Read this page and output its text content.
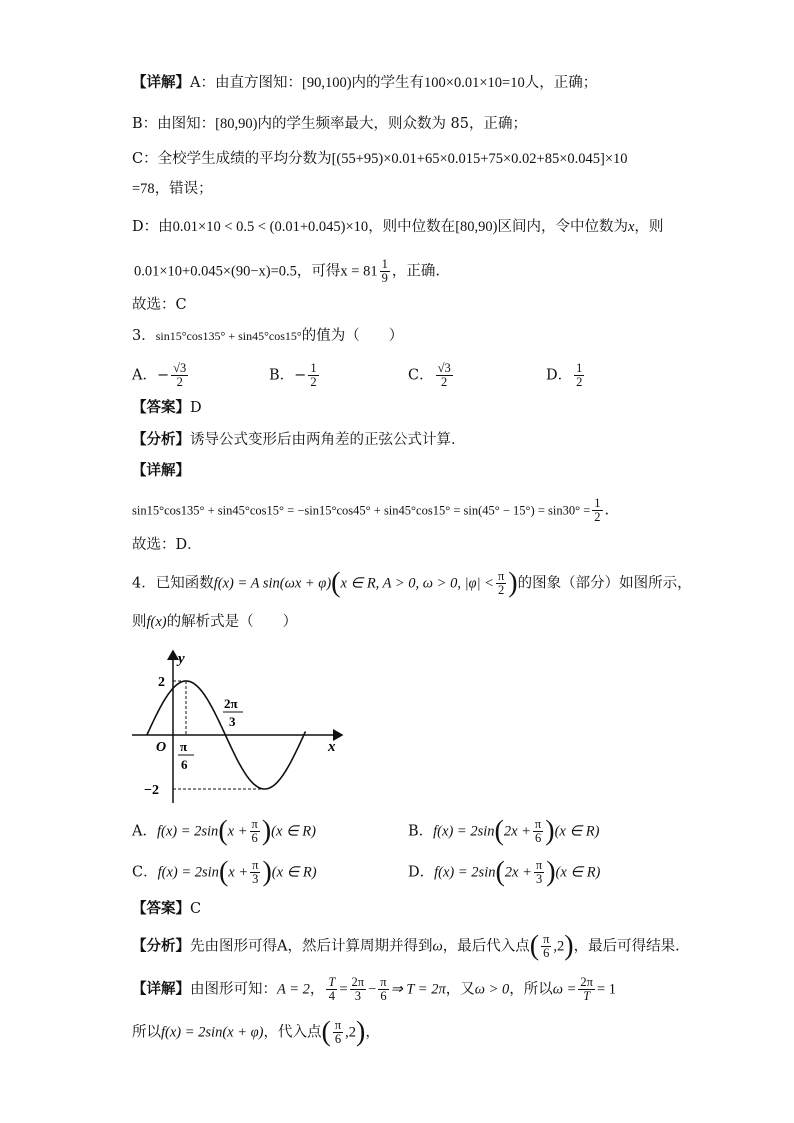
【详解】A：由直方图知：[90,100)内的学生有100×0.01×10=10人，正确；
B：由图知：[80,90)内的学生频率最大，则众数为 85，正确；
C：全校学生成绩的平均分数为[(55+95)×0.01+65×0.015+75×0.02+85×0.045]×10
=78，错误；
D：由0.01×10 < 0.5 < (0.01+0.045)×10，则中位数在[80,90)区间内，令中位数为x，则
0.01×10+0.045×(90−x)=0.5，可得$x = 81 \frac{1}{9}$ ，正确.
故选：C
3．sin15°cos135° + sin45°cos15°的值为（　　）
A．− $\frac{√3}{2}$	B．− $\frac{1}{2}$	C． $\frac{√3}{2}$	D． $\frac{1}{2}$
【答案】D
【分析】诱导公式变形后由两角差的正弦公式计算．
【详解】
$\sin 15^\circ\cos 135^\circ + \sin 45^\circ\cos 15^\circ = -\sin 15^\circ\cos 45^\circ + \sin 45^\circ\cos 15^\circ = \sin(45^\circ - 15^\circ) = \sin 30^\circ = \frac{1}{2}$ .
故选：D．
4．已知函数f(x) = A sin(ωx + φ)(x ∈ R, A > 0, ω > 0, $|\varphi| < \frac{\pi}{2}$ )的图象（部分）如图所示，
则f(x)的解析式是（　　）
y
x
O
2
−2
π
6
2π
3
A．$f(x) = 2\sin(x + \frac{\pi}{6} )(x$ ∈ R)	B．$f(x) = 2\sin(2x + \frac{\pi}{6} )(x$ ∈ R)
C．$f(x) = 2\sin(x + \frac{\pi}{3} )(x$ ∈ R)	D．$f(x) = 2\sin(2x + \frac{\pi}{3} )(x$ ∈ R)
【答案】C
【分析】先由图形可得A，然后计算周期并得到ω，最后代入点( $\frac{\pi}{6} ,2$)，最后可得结果.
【详解】由图形可知：A = 2， $\frac{T}{4} = \frac{2\pi}{3} - \frac{\pi}{6}$ ⇒ T = 2π，又ω > 0，所以$\omega = \frac{2\pi}{T} = 1$
所以f(x) = 2sin(x + φ)，代入点( $\frac{\pi}{6} ,2$)，
